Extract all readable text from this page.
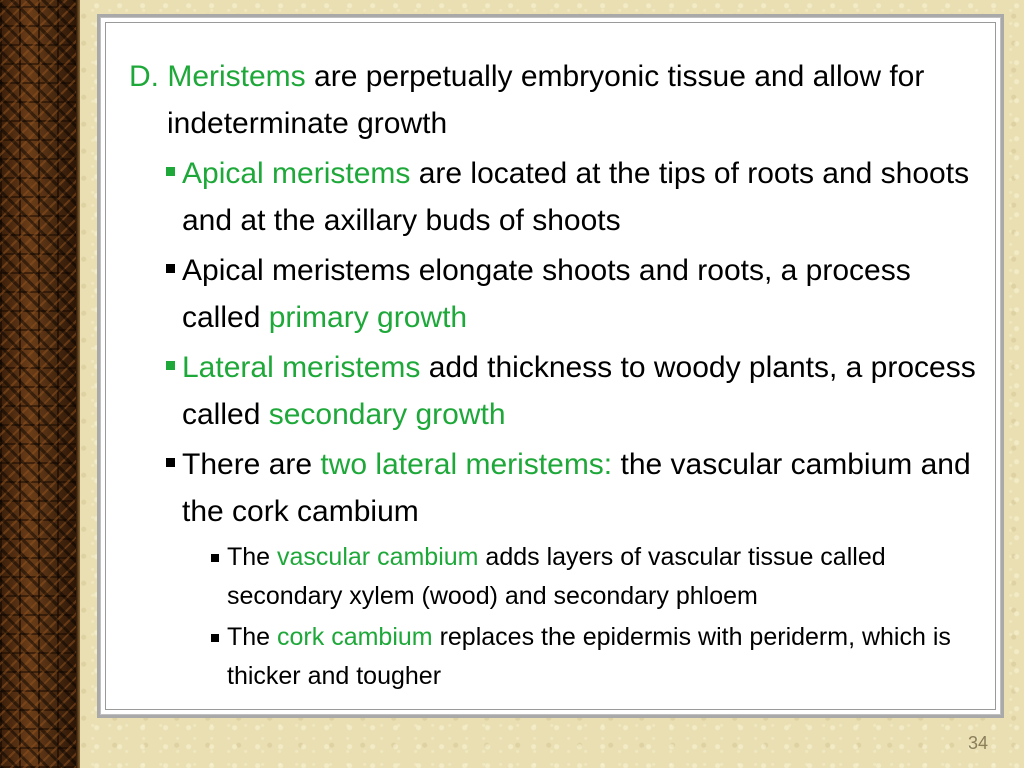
D. Meristems are perpetually embryonic tissue and allow for indeterminate growth

Apical meristems are located at the tips of roots and shoots and at the axillary buds of shoots

Apical meristems elongate shoots and roots, a process called primary growth

Lateral meristems add thickness to woody plants, a process called secondary growth

There are two lateral meristems: the vascular cambium and the cork cambium

The vascular cambium adds layers of vascular tissue called secondary xylem (wood) and secondary phloem

The cork cambium replaces the epidermis with periderm, which is thicker and tougher

34
